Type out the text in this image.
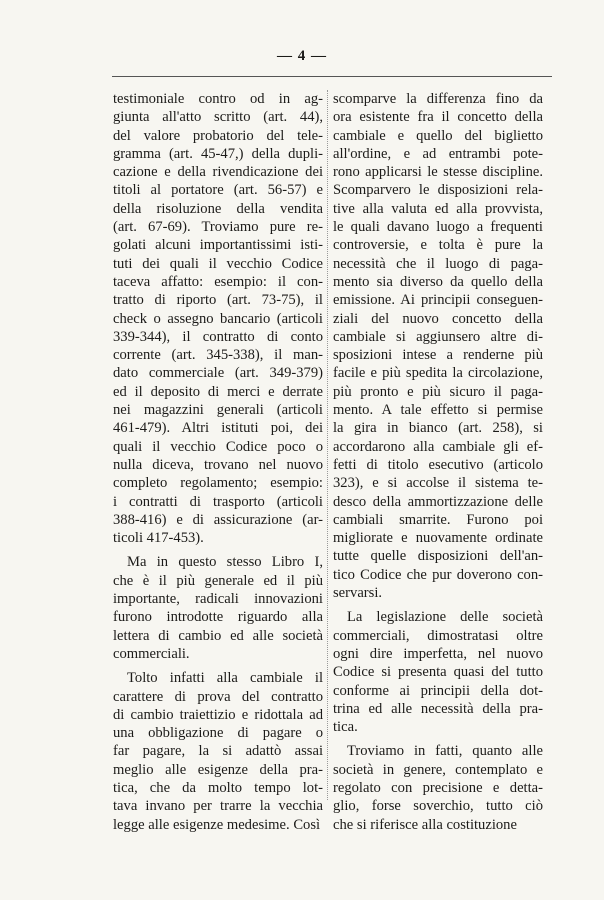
— 4 —

testimoniale contro od in ag-
giunta all'atto scritto (art. 44),
del valore probatorio del tele-
gramma (art. 45-47,) della dupli-
cazione e della rivendicazione dei
titoli al portatore (art. 56-57) e
della risoluzione della vendita
(art. 67-69). Troviamo pure re-
golati alcuni importantissimi isti-
tuti dei quali il vecchio Codice
taceva affatto: esempio: il con-
tratto di riporto (art. 73-75), il
check o assegno bancario (articoli
339-344), il contratto di conto
corrente (art. 345-338), il man-
dato commerciale (art. 349-379)
ed il deposito di merci e derrate
nei magazzini generali (articoli
461-479). Altri istituti poi, dei
quali il vecchio Codice poco o
nulla diceva, trovano nel nuovo
completo regolamento; esempio:
i contratti di trasporto (articoli
388-416) e di assicurazione (ar-
ticoli 417-453).

Ma in questo stesso Libro I,
che è il più generale ed il più
importante, radicali innovazioni
furono introdotte riguardo alla
lettera di cambio ed alle società
commerciali.

Tolto infatti alla cambiale il
carattere di prova del contratto
di cambio traiettizio e ridottala ad
una obbligazione di pagare o
far pagare, la si adattò assai
meglio alle esigenze della pra-
tica, che da molto tempo lot-
tava invano per trarre la vecchia
legge alle esigenze medesime. Così

scomparve la differenza fino da
ora esistente fra il concetto della
cambiale e quello del biglietto
all'ordine, e ad entrambi pote-
rono applicarsi le stesse discipline.
Scomparvero le disposizioni rela-
tive alla valuta ed alla provvista,
le quali davano luogo a frequenti
controversie, e tolta è pure la
necessità che il luogo di paga-
mento sia diverso da quello della
emissione. Ai principii conseguen-
ziali del nuovo concetto della
cambiale si aggiunsero altre di-
sposizioni intese a renderne più
facile e più spedita la circolazione,
più pronto e più sicuro il paga-
mento. A tale effetto si permise
la gira in bianco (art. 258), si
accordarono alla cambiale gli ef-
fetti di titolo esecutivo (articolo
323), e si accolse il sistema te-
desco della ammortizzazione delle
cambiali smarrite. Furono poi
migliorate e nuovamente ordinate
tutte quelle disposizioni dell'an-
tico Codice che pur doverono con-
servarsi.

La legislazione delle società
commerciali, dimostratasi oltre
ogni dire imperfetta, nel nuovo
Codice si presenta quasi del tutto
conforme ai principii della dot-
trina ed alle necessità della pra-
tica.

Troviamo in fatti, quanto alle
società in genere, contemplato e
regolato con precisione e detta-
glio, forse soverchio, tutto ciò
che si riferisce alla costituzione
